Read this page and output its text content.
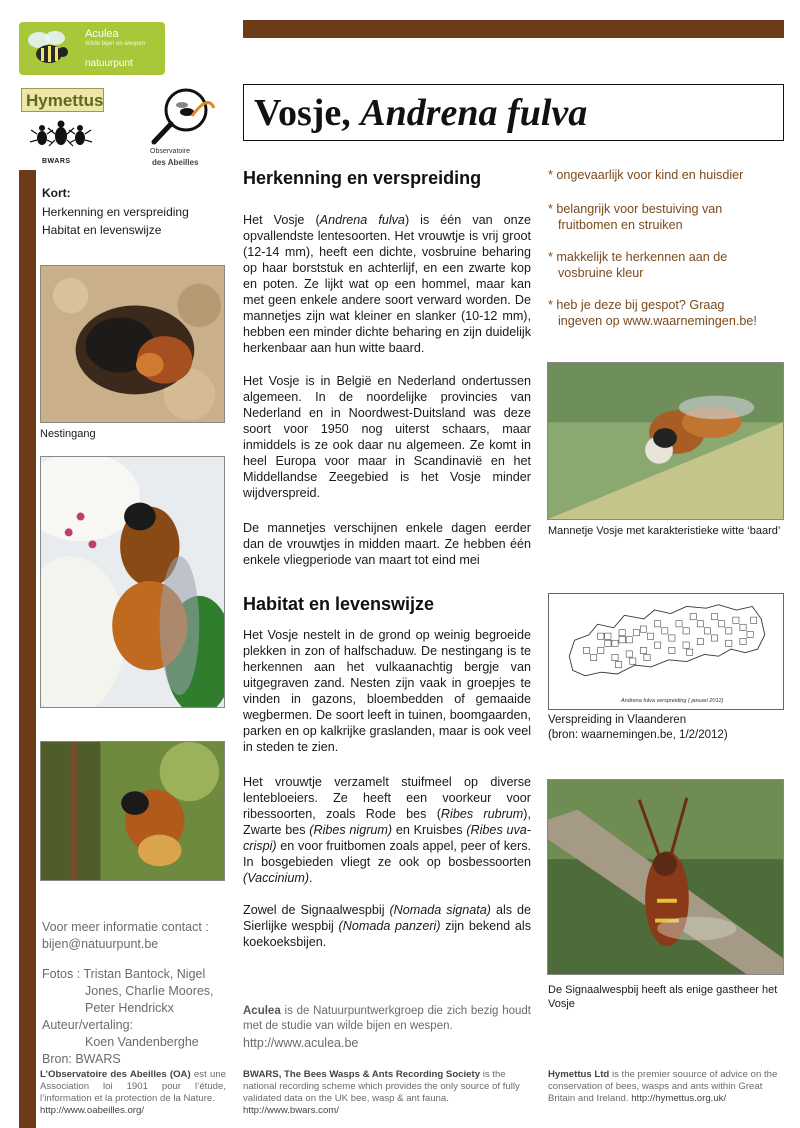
Aculea
Wilde bijen en wespen
natuurpunt
Hymettus
BWARS
Observatoire
des Abeilles
Vosje, Andrena fulva
Kort:
Herkenning en verspreiding
Habitat en levenswijze
Nestingang
Voor meer informatie contact :
bijen@natuurpunt.be
Fotos : Tristan Bantock, Nigel
Jones, Charlie Moores,
Peter Hendrickx
Auteur/vertaling:
Koen Vandenberghe
Bron: BWARS
Herkenning en verspreiding

Het Vosje (Andrena fulva) is één van onze opvallendste lentesoorten. Het vrouwtje is vrij groot (12-14 mm), heeft een dichte, vosbruine beharing op haar borststuk en achterlijf, en een zwarte kop en poten. Ze lijkt wat op een hommel, maar kan met geen enkele andere soort verward worden. De mannetjes zijn wat kleiner en slanker (10-12 mm), hebben een minder dichte beharing en zijn duidelijk herkenbaar aan hun witte baard.

Het Vosje is in België en Nederland ondertussen algemeen. In de noordelijke provincies van Nederland en in Noordwest-Duitsland was deze soort voor 1950 nog uiterst schaars, maar inmiddels is ze ook daar nu algemeen. Ze komt in heel Europa voor maar in Scandinavië en het Middellandse Zeegebied is het Vosje minder wijdverspreid.

De mannetjes verschijnen enkele dagen eerder dan de vrouwtjes in midden maart. Ze hebben één enkele vliegperiode van maart tot eind mei

Habitat en levenswijze

Het Vosje nestelt in de grond op weinig begroeide plekken in zon of halfschaduw. De nestingang is te herkennen aan het vulkaanachtig bergje van uitgegraven zand. Nesten zijn vaak in groepjes te vinden in gazons, bloembedden of gemaaide wegbermen. De soort leeft in tuinen, boomgaarden, parken en op kalkrijke graslanden, maar is ook veel in steden te zien.

Het vrouwtje verzamelt stuifmeel op diverse lentebloeiers. Ze heeft een voorkeur voor ribessoorten, zoals Rode bes (Ribes rubrum), Zwarte bes (Ribes nigrum) en Kruisbes (Ribes uva-crispi) en voor fruitbomen zoals appel, peer of kers. In bosgebieden vliegt ze ook op bosbessoorten (Vaccinium).

Zowel de Signaalwespbij (Nomada signata) als de Sierlijke wespbij (Nomada panzeri) zijn bekend als koekoeksbijen.

* ongevaarlijk voor kind en huisdier
* belangrijk voor bestuiving van
fruitbomen en struiken
* makkelijk te herkennen aan de
vosbruine kleur
* heb je deze bij gespot? Graag
ingeven op www.waarnemingen.be!
Mannetje Vosje met karakteristieke witte ‘baard’
Andrena fulva verspreiding ( januari 2012)
Verspreiding in Vlaanderen
(bron: waarnemingen.be, 1/2/2012)
De Signaalwespbij heeft als enige gastheer het Vosje
Aculea is de Natuurpuntwerkgroep die zich bezig houdt met de studie van wilde bijen en wespen.
http://www.aculea.be
L’Observatoire des Abeilles (OA) est une Association loi 1901 pour l’étude, l’information et la protection de la Nature.
http://www.oabeilles.org/
BWARS, The Bees Wasps & Ants Recording Society is the national recording scheme which provides the only source of fully validated data on the UK bee, wasp & ant fauna.
http://www.bwars.com/
Hymettus Ltd is the premier souurce of advice on the conservation of bees, wasps and ants within Great Britain and Ireland. http://hymettus.org.uk/
